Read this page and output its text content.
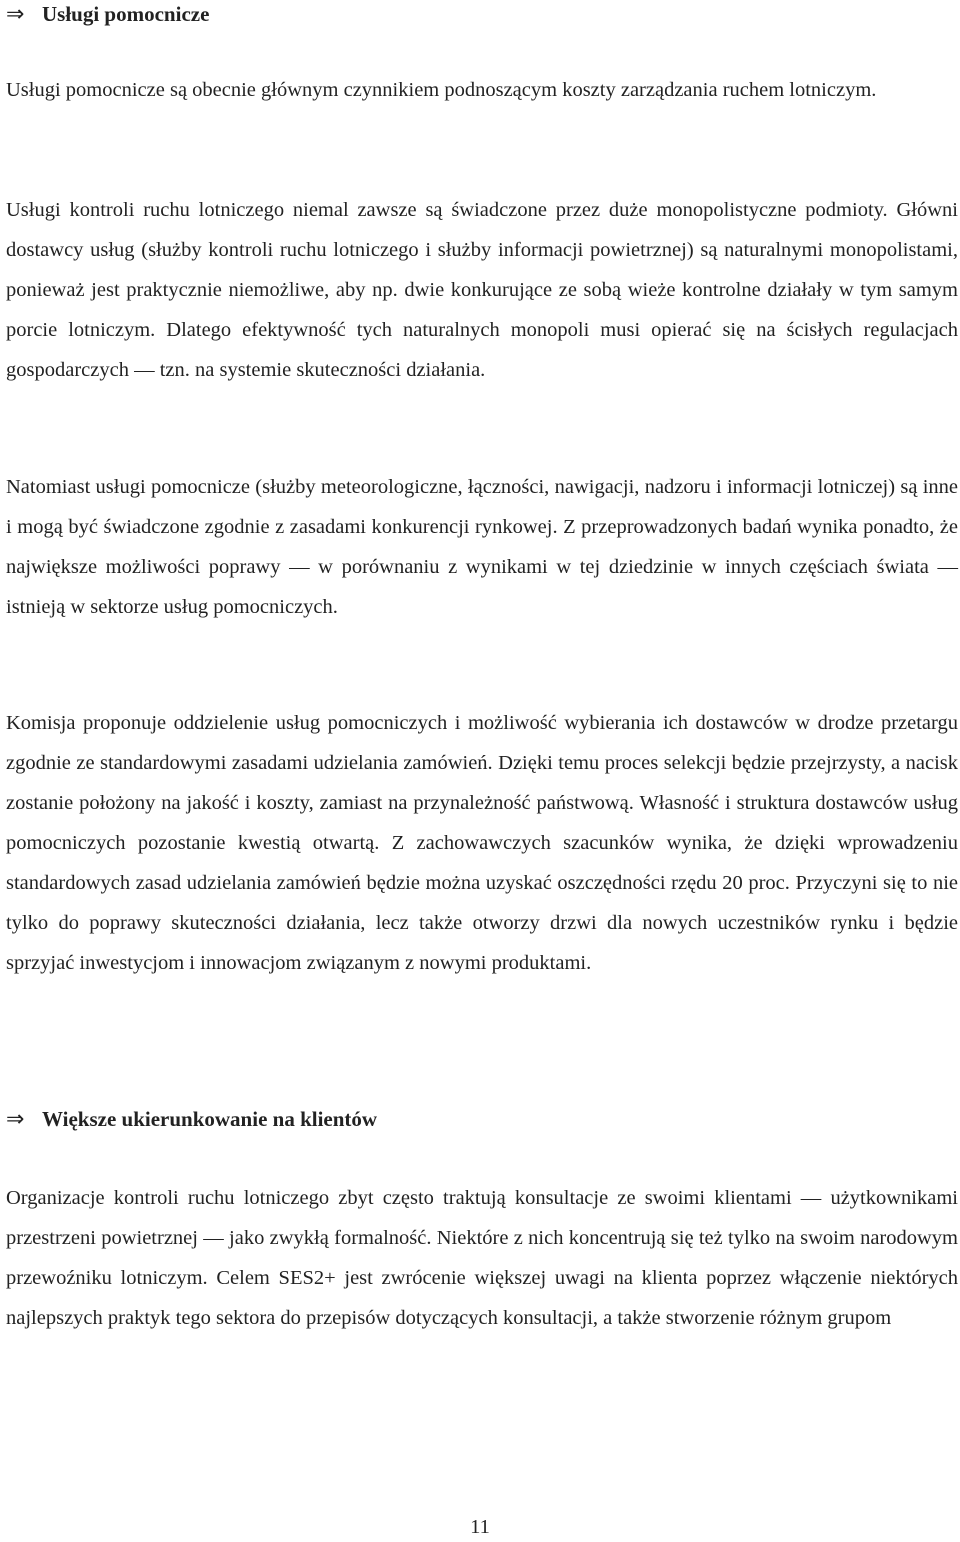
⇒ Usługi pomocnicze

Usługi pomocnicze są obecnie głównym czynnikiem podnoszącym koszty zarządzania ruchem lotniczym.

Usługi kontroli ruchu lotniczego niemal zawsze są świadczone przez duże monopolistyczne podmioty. Główni dostawcy usług (służby kontroli ruchu lotniczego i służby informacji powietrznej) są naturalnymi monopolistami, ponieważ jest praktycznie niemożliwe, aby np. dwie konkurujące ze sobą wieże kontrolne działały w tym samym porcie lotniczym. Dlatego efektywność tych naturalnych monopoli musi opierać się na ścisłych regulacjach gospodarczych — tzn. na systemie skuteczności działania.

Natomiast usługi pomocnicze (służby meteorologiczne, łączności, nawigacji, nadzoru i informacji lotniczej) są inne i mogą być świadczone zgodnie z zasadami konkurencji rynkowej. Z przeprowadzonych badań wynika ponadto, że największe możliwości poprawy — w porównaniu z wynikami w tej dziedzinie w innych częściach świata — istnieją w sektorze usług pomocniczych.

Komisja proponuje oddzielenie usług pomocniczych i możliwość wybierania ich dostawców w drodze przetargu zgodnie ze standardowymi zasadami udzielania zamówień. Dzięki temu proces selekcji będzie przejrzysty, a nacisk zostanie położony na jakość i koszty, zamiast na przynależność państwową. Własność i struktura dostawców usług pomocniczych pozostanie kwestią otwartą. Z zachowawczych szacunków wynika, że dzięki wprowadzeniu standardowych zasad udzielania zamówień będzie można uzyskać oszczędności rzędu 20 proc. Przyczyni się to nie tylko do poprawy skuteczności działania, lecz także otworzy drzwi dla nowych uczestników rynku i będzie sprzyjać inwestycjom i innowacjom związanym z nowymi produktami.

⇒ Większe ukierunkowanie na klientów

Organizacje kontroli ruchu lotniczego zbyt często traktują konsultacje ze swoimi klientami — użytkownikami przestrzeni powietrznej — jako zwykłą formalność. Niektóre z nich koncentrują się też tylko na swoim narodowym przewoźniku lotniczym. Celem SES2+ jest zwrócenie większej uwagi na klienta poprzez włączenie niektórych najlepszych praktyk tego sektora do przepisów dotyczących konsultacji, a także stworzenie różnym grupom

11
